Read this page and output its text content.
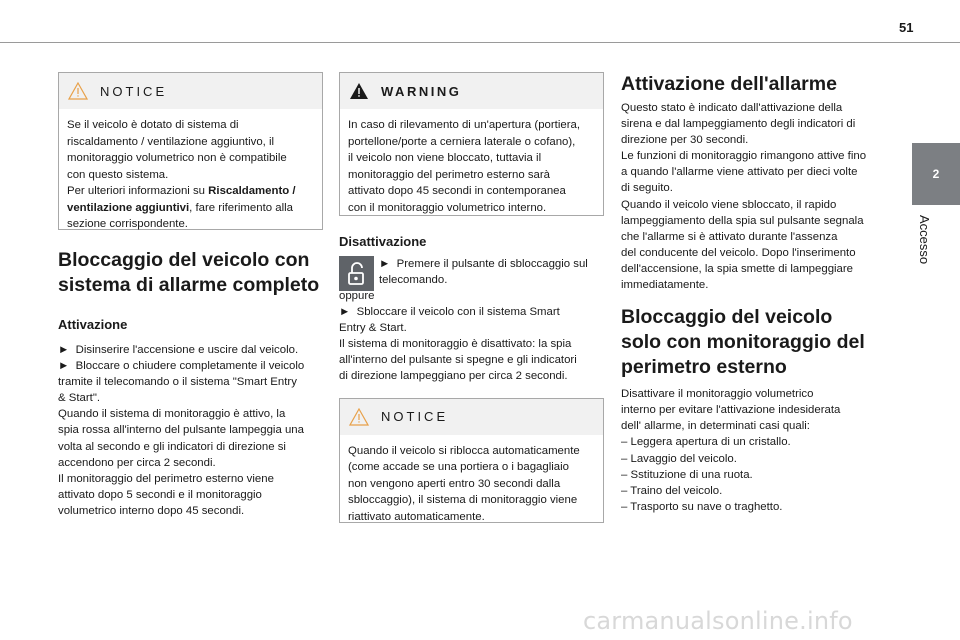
51
2
Accesso
NOTICE
Se il veicolo è dotato di sistema di
riscaldamento / ventilazione aggiuntivo, il
monitoraggio volumetrico non è compatibile
con questo sistema.
Per ulteriori informazioni su Riscaldamento /
ventilazione aggiuntivi, fare riferimento alla
sezione corrispondente.
Bloccaggio del veicolo con
sistema di allarme completo
Attivazione

► Disinserire l'accensione e uscire dal veicolo.

► Bloccare o chiudere completamente il veicolo

tramite il telecomando o il sistema "Smart Entry

& Start".

Quando il sistema di monitoraggio è attivo, la

spia rossa all'interno del pulsante lampeggia una

volta al secondo e gli indicatori di direzione si

accendono per circa 2 secondi.

Il monitoraggio del perimetro esterno viene

attivato dopo 5 secondi e il monitoraggio

volumetrico interno dopo 45 secondi.

WARNING
In caso di rilevamento di un'apertura (portiera,
portellone/porte a cerniera laterale o cofano),
il veicolo non viene bloccato, tuttavia il
monitoraggio del perimetro esterno sarà
attivato dopo 45 secondi in contemporanea
con il monitoraggio volumetrico interno.
Disattivazione

► Premere il pulsante di sbloccaggio sul

telecomando.

oppure

► Sbloccare il veicolo con il sistema Smart

Entry & Start.

Il sistema di monitoraggio è disattivato: la spia

all'interno del pulsante si spegne e gli indicatori

di direzione lampeggiano per circa 2 secondi.

NOTICE
Quando il veicolo si riblocca automaticamente
(come accade se una portiera o i bagagliaio
non vengono aperti entro 30 secondi dalla
sbloccaggio), il sistema di monitoraggio viene
riattivato automaticamente.
Attivazione dell'allarme

Questo stato è indicato dall'attivazione della

sirena e dal lampeggiamento degli indicatori di

direzione per 30 secondi.

Le funzioni di monitoraggio rimangono attive fino

a quando l'allarme viene attivato per dieci volte

di seguito.

Quando il veicolo viene sbloccato, il rapido

lampeggiamento della spia sul pulsante segnala

che l'allarme si è attivato durante l'assenza

del conducente del veicolo. Dopo l'inserimento

dell'accensione, la spia smette di lampeggiare

immediatamente.

Bloccaggio del veicolo
solo con monitoraggio del
perimetro esterno

Disattivare il monitoraggio volumetrico

interno per evitare l'attivazione indesiderata

dell' allarme, in determinati casi quali:

– Leggera apertura di un cristallo.

– Lavaggio del veicolo.

– Sstituzione di una ruota.

– Traino del veicolo.

– Trasporto su nave o traghetto.

carmanualsonline.info
